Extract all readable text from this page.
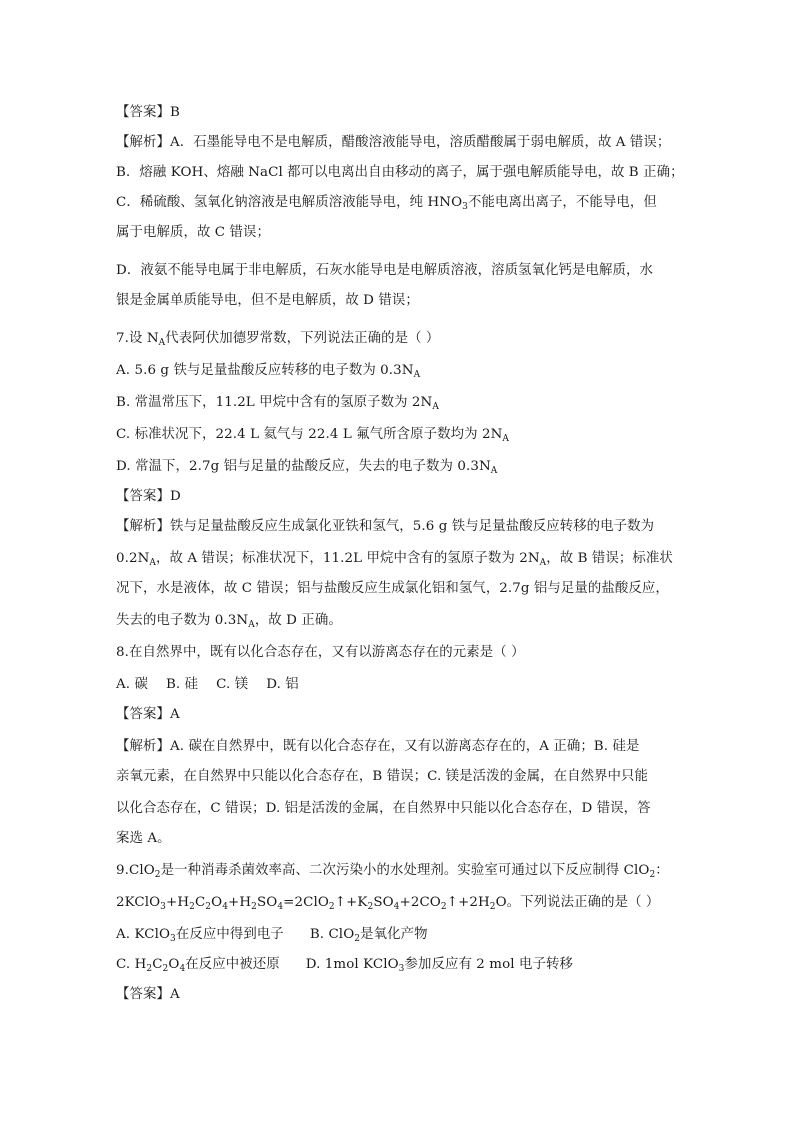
【答案】B
【解析】A．石墨能导电不是电解质，醋酸溶液能导电，溶质醋酸属于弱电解质，故 A 错误；
B．熔融 KOH、熔融 NaCl 都可以电离出自由移动的离子，属于强电解质能导电，故 B 正确；
C．稀硫酸、氢氧化钠溶液是电解质溶液能导电，纯 $HNO_3$不能电离出离子，不能导电，但
属于电解质，故 C 错误；
D．液氨不能导电属于非电解质，石灰水能导电是电解质溶液，溶质氢氧化钙是电解质，水
银是金属单质能导电，但不是电解质，故 D 错误；
7.设 $N_A$代表阿伏加德罗常数，下列说法正确的是（ ）
A. 5.6 g 铁与足量盐酸反应转移的电子数为 $0.3N_A$
B. 常温常压下，11.2L 甲烷中含有的氢原子数为 $2N_A$
C. 标准状况下，22.4 L 氦气与 22.4 L 氟气所含原子数均为 $2N_A$
D. 常温下，2.7g 铝与足量的盐酸反应，失去的电子数为 $0.3N_A$
【答案】D
【解析】铁与足量盐酸反应生成氯化亚铁和氢气，5.6 g 铁与足量盐酸反应转移的电子数为
$0.2N_A$，故 A 错误；标准状况下，11.2L 甲烷中含有的氢原子数为 $2N_A$，故 B 错误；标准状
况下，水是液体，故 C 错误；铝与盐酸反应生成氯化铝和氢气，2.7g 铝与足量的盐酸反应，
失去的电子数为 $0.3N_A$，故 D 正确。
8.在自然界中，既有以化合态存在，又有以游离态存在的元素是（ ）
A. 碳 B. 硅 C. 镁 D. 铝
【答案】A
【解析】A. 碳在自然界中，既有以化合态存在，又有以游离态存在的，A 正确；B. 硅是
亲氧元素，在自然界中只能以化合态存在，B 错误；C. 镁是活泼的金属，在自然界中只能
以化合态存在，C 错误；D. 铝是活泼的金属，在自然界中只能以化合态存在，D 错误，答
案选 A。
9.ClO$_2$是一种消毒杀菌效率高、二次污染小的水处理剂。实验室可通过以下反应制得 ClO$_2$：
$2KClO_3+H_2C_2O_4+H_2SO_4=2ClO_2↑+K_2SO_4+2CO_2↑+2H_2O$。下列说法正确的是（ ）
A. KClO$_3$在反应中得到电子 B. ClO$_2$是氧化产物
C. $H_2C_2O_4$在反应中被还原 D. 1mol KClO$_3$参加反应有 2 mol 电子转移
【答案】A
